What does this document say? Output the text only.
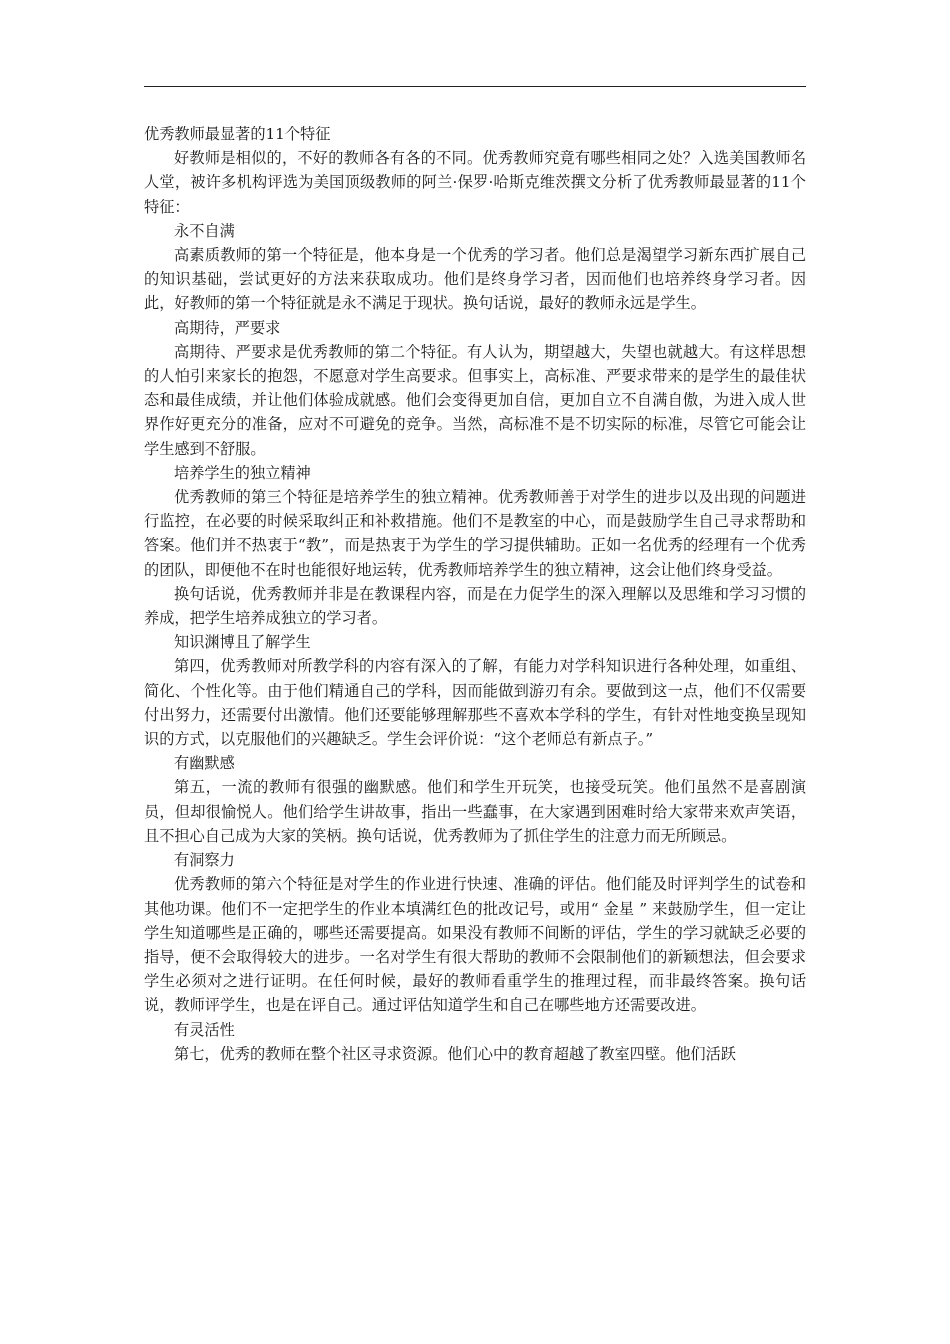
优秀教师最显著的11个特征

好教师是相似的，不好的教师各有各的不同。优秀教师究竟有哪些相同之处？入选美国教师名人堂，被许多机构评选为美国顶级教师的阿兰·保罗·哈斯克维茨撰文分析了优秀教师最显著的11个特征：

永不自满

高素质教师的第一个特征是，他本身是一个优秀的学习者。他们总是渴望学习新东西扩展自己的知识基础，尝试更好的方法来获取成功。他们是终身学习者，因而他们也培养终身学习者。因此，好教师的第一个特征就是永不满足于现状。换句话说，最好的教师永远是学生。

高期待，严要求

高期待、严要求是优秀教师的第二个特征。有人认为，期望越大，失望也就越大。有这样思想的人怕引来家长的抱怨，不愿意对学生高要求。但事实上，高标准、严要求带来的是学生的最佳状态和最佳成绩，并让他们体验成就感。他们会变得更加自信，更加自立不自满自傲，为进入成人世界作好更充分的准备，应对不可避免的竞争。当然，高标准不是不切实际的标准，尽管它可能会让学生感到不舒服。

培养学生的独立精神

优秀教师的第三个特征是培养学生的独立精神。优秀教师善于对学生的进步以及出现的问题进行监控，在必要的时候采取纠正和补救措施。他们不是教室的中心，而是鼓励学生自己寻求帮助和答案。他们并不热衷于“教”，而是热衷于为学生的学习提供辅助。正如一名优秀的经理有一个优秀的团队，即便他不在时也能很好地运转，优秀教师培养学生的独立精神，这会让他们终身受益。

换句话说，优秀教师并非是在教课程内容，而是在力促学生的深入理解以及思维和学习习惯的养成，把学生培养成独立的学习者。

知识渊博且了解学生

第四，优秀教师对所教学科的内容有深入的了解，有能力对学科知识进行各种处理，如重组、简化、个性化等。由于他们精通自己的学科，因而能做到游刃有余。要做到这一点，他们不仅需要付出努力，还需要付出激情。他们还要能够理解那些不喜欢本学科的学生，有针对性地变换呈现知识的方式，以克服他们的兴趣缺乏。学生会评价说：“这个老师总有新点子。”

有幽默感

第五，一流的教师有很强的幽默感。他们和学生开玩笑，也接受玩笑。他们虽然不是喜剧演员，但却很愉悦人。他们给学生讲故事，指出一些蠢事，在大家遇到困难时给大家带来欢声笑语，且不担心自己成为大家的笑柄。换句话说，优秀教师为了抓住学生的注意力而无所顾忌。

有洞察力

优秀教师的第六个特征是对学生的作业进行快速、准确的评估。他们能及时评判学生的试卷和其他功课。他们不一定把学生的作业本填满红色的批改记号，或用“ 金星 ” 来鼓励学生，但一定让学生知道哪些是正确的，哪些还需要提高。如果没有教师不间断的评估，学生的学习就缺乏必要的指导，便不会取得较大的进步。一名对学生有很大帮助的教师不会限制他们的新颖想法，但会要求学生必须对之进行证明。在任何时候，最好的教师看重学生的推理过程，而非最终答案。换句话说，教师评学生，也是在评自己。通过评估知道学生和自己在哪些地方还需要改进。

有灵活性

第七，优秀的教师在整个社区寻求资源。他们心中的教育超越了教室四壁。他们活跃
